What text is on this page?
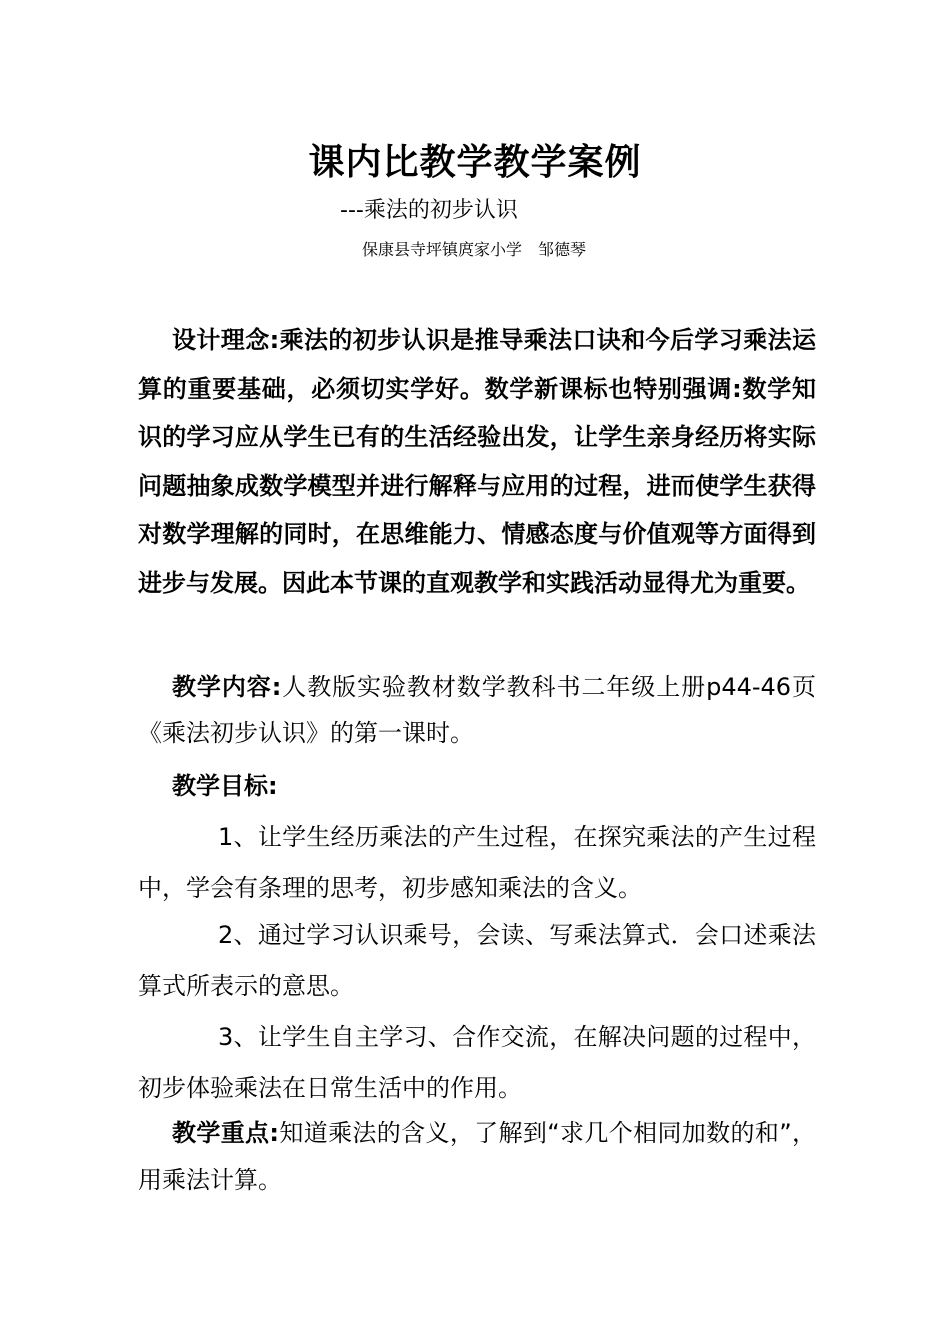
课内比教学教学案例
---乘法的初步认识
保康县寺坪镇庹家小学　邹德琴
设计理念:乘法的初步认识是推导乘法口诀和今后学习乘法运算的重要基础，必须切实学好。数学新课标也特别强调:数学知识的学习应从学生已有的生活经验出发，让学生亲身经历将实际问题抽象成数学模型并进行解释与应用的过程，进而使学生获得对数学理解的同时，在思维能力、情感态度与价值观等方面得到进步与发展。因此本节课的直观教学和实践活动显得尤为重要。
教学内容:人教版实验教材数学教科书二年级上册p44-46页《乘法初步认识》的第一课时。
教学目标:
1、让学生经历乘法的产生过程，在探究乘法的产生过程中，学会有条理的思考，初步感知乘法的含义。
2、通过学习认识乘号，会读、写乘法算式．会口述乘法算式所表示的意思。
3、让学生自主学习、合作交流，在解决问题的过程中，初步体验乘法在日常生活中的作用。
教学重点:知道乘法的含义，了解到“求几个相同加数的和”，用乘法计算。
